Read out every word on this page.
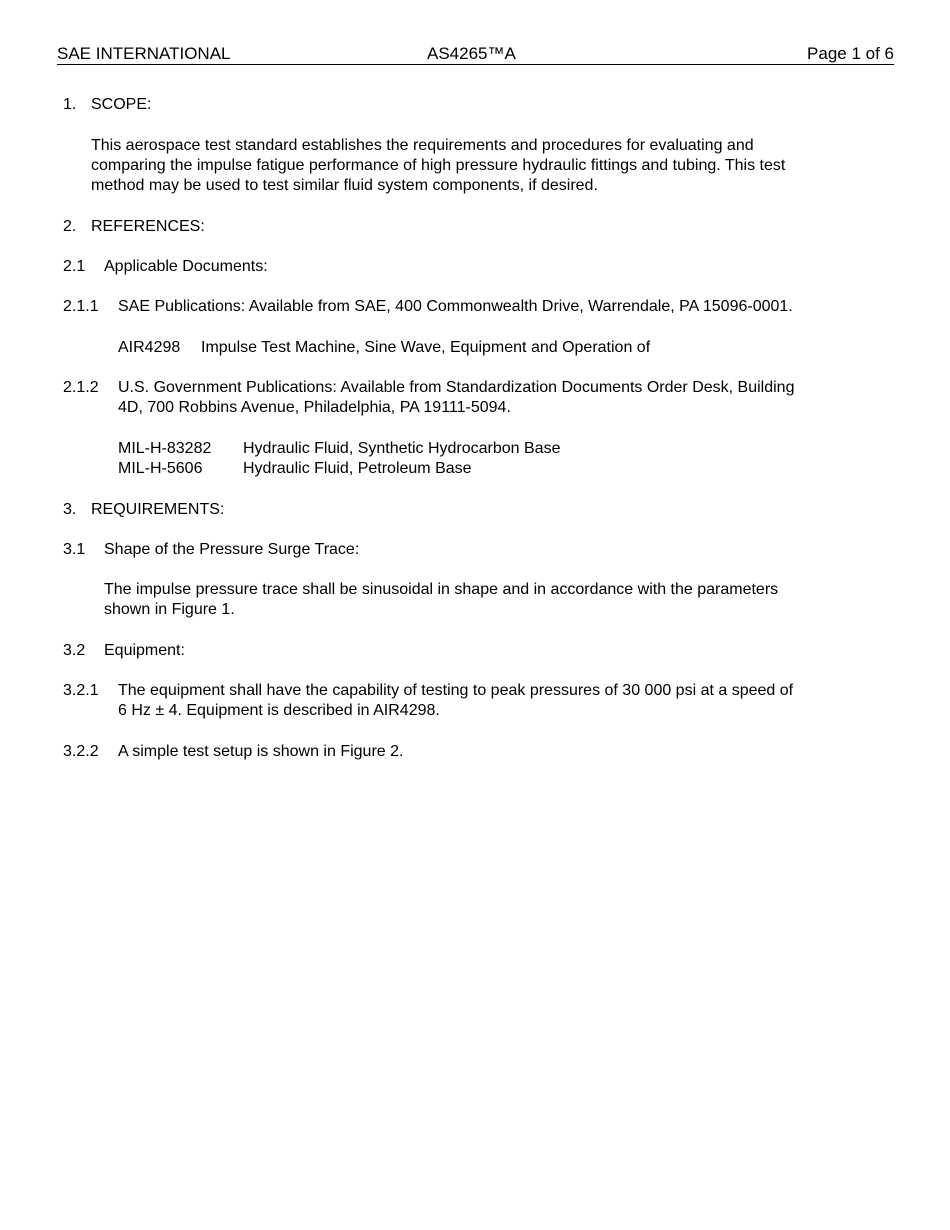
SAE INTERNATIONAL	AS4265™A	Page 1 of 6
1. SCOPE:
This aerospace test standard establishes the requirements and procedures for evaluating and
comparing the impulse fatigue performance of high pressure hydraulic fittings and tubing. This test
method may be used to test similar fluid system components, if desired.
2. REFERENCES:
2.1 Applicable Documents:
2.1.1 SAE Publications: Available from SAE, 400 Commonwealth Drive, Warrendale, PA 15096-0001.
AIR4298 Impulse Test Machine, Sine Wave, Equipment and Operation of
2.1.2 U.S. Government Publications: Available from Standardization Documents Order Desk, Building
4D, 700 Robbins Avenue, Philadelphia, PA 19111-5094.
MIL-H-83282 Hydraulic Fluid, Synthetic Hydrocarbon Base
MIL-H-5606	Hydraulic Fluid, Petroleum Base
3. REQUIREMENTS:
3.1 Shape of the Pressure Surge Trace:
The impulse pressure trace shall be sinusoidal in shape and in accordance with the parameters
shown in Figure 1.
3.2 Equipment:
3.2.1 The equipment shall have the capability of testing to peak pressures of 30 000 psi at a speed of
6 Hz ± 4. Equipment is described in AIR4298.
3.2.2 A simple test setup is shown in Figure 2.
